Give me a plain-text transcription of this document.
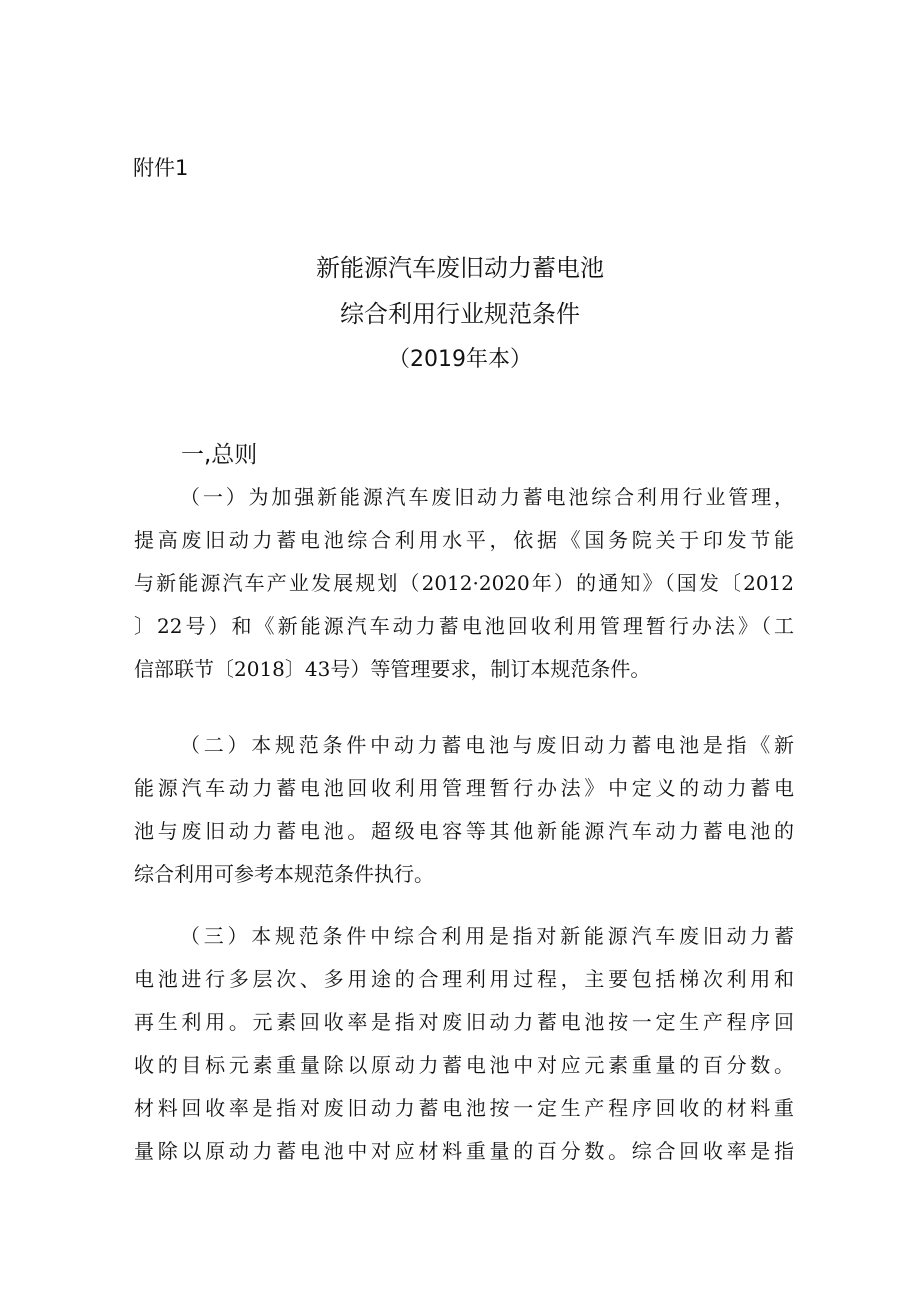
附件1
新能源汽车废旧动力蓄电池
综合利用行业规范条件
（2019年本）
一,总则
（一）为加强新能源汽车废旧动力蓄电池综合利用行业管理，
提高废旧动力蓄电池综合利用水平，依据《国务院关于印发节能
与新能源汽车产业发展规划（2012·2020年）的通知》（国发〔2012
〕22号）和《新能源汽车动力蓄电池回收利用管理暂行办法》（工
信部联节〔2018〕43号）等管理要求，制订本规范条件。
（二）本规范条件中动力蓄电池与废旧动力蓄电池是指《新
能源汽车动力蓄电池回收利用管理暂行办法》中定义的动力蓄电
池与废旧动力蓄电池。超级电容等其他新能源汽车动力蓄电池的
综合利用可参考本规范条件执行。
（三）本规范条件中综合利用是指对新能源汽车废旧动力蓄
电池进行多层次、多用途的合理利用过程，主要包括梯次利用和
再生利用。元素回收率是指对废旧动力蓄电池按一定生产程序回
收的目标元素重量除以原动力蓄电池中对应元素重量的百分数。
材料回收率是指对废旧动力蓄电池按一定生产程序回收的材料重
量除以原动力蓄电池中对应材料重量的百分数。综合回收率是指
